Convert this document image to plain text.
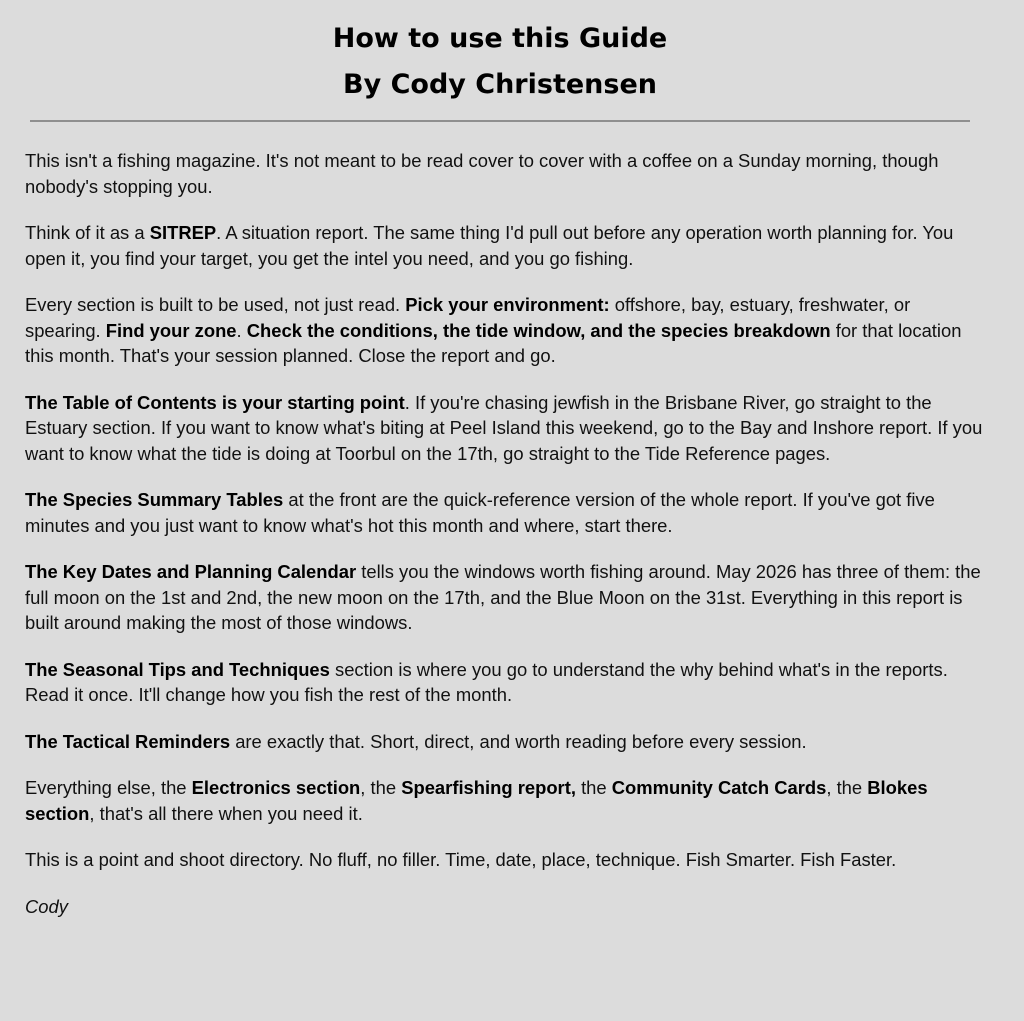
How to use this Guide
By Cody Christensen

This isn't a fishing magazine. It's not meant to be read cover to cover with a coffee on a Sunday morning, though nobody's stopping you.

Think of it as a SITREP. A situation report. The same thing I'd pull out before any operation worth planning for. You open it, you find your target, you get the intel you need, and you go fishing.

Every section is built to be used, not just read. Pick your environment: offshore, bay, estuary, freshwater, or spearing. Find your zone. Check the conditions, the tide window, and the species breakdown for that location this month. That's your session planned. Close the report and go.

The Table of Contents is your starting point. If you're chasing jewfish in the Brisbane River, go straight to the Estuary section. If you want to know what's biting at Peel Island this weekend, go to the Bay and Inshore report. If you want to know what the tide is doing at Toorbul on the 17th, go straight to the Tide Reference pages.

The Species Summary Tables at the front are the quick-reference version of the whole report. If you've got five minutes and you just want to know what's hot this month and where, start there.

The Key Dates and Planning Calendar tells you the windows worth fishing around. May 2026 has three of them: the full moon on the 1st and 2nd, the new moon on the 17th, and the Blue Moon on the 31st. Everything in this report is built around making the most of those windows.

The Seasonal Tips and Techniques section is where you go to understand the why behind what's in the reports. Read it once. It'll change how you fish the rest of the month.

The Tactical Reminders are exactly that. Short, direct, and worth reading before every session.

Everything else, the Electronics section, the Spearfishing report, the Community Catch Cards, the Blokes section, that's all there when you need it.

This is a point and shoot directory. No fluff, no filler. Time, date, place, technique. Fish Smarter. Fish Faster.

Cody
